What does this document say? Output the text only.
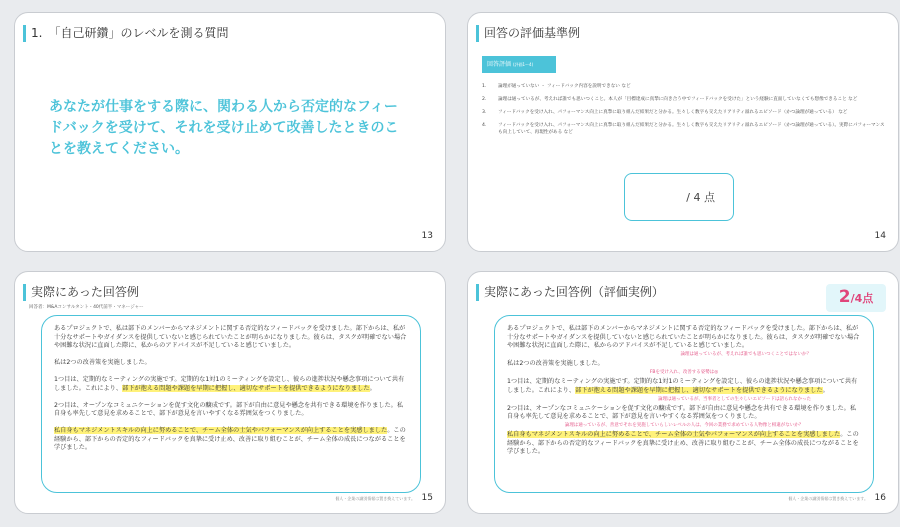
1.　「自己研鑽」のレベルを測る質問
あなたが仕事をする際に、関わる人から否定的なフィードバックを受けて、それを受け止めて改善したときのことを教えてください。
13
回答の評価基準例
回答評価 (評価1〜4)
1.	論理が通っていない ・ フィードバック内容を説明できない など
2.	論理は通っているが、考えれば誰でも思いつくこと。本人が「目標達成に真摯に向き合う中でフィードバックを受けた」という経験に直面していなくても想像できること など
3.	フィードバックを受け入れ、パフォーマンス向上に真摯に取り組んだ結果だと分かる。生々しく数字も交えたリアリティ溢れるエピソード（かつ論理が通っている） など
4.	フィードバックを受け入れ、パフォーマンス向上に真摯に取り組んだ結果だと分かる。生々しく数字も交えたリアリティ溢れるエピソード（かつ論理が通っている）。実際にパフォーマンスも向上していて、再現性がある など
/ 4 点
14
実際にあった回答例
回答者：M&Aコンサルタント・40代前半・マネージャー

あるプロジェクトで、私は部下のメンバーからマネジメントに関する否定的なフィードバックを受けました。部下からは、私が十分なサポートやガイダンスを提供していないと感じられていたことが明らかになりました。彼らは、タスクが明確でない場合や困難な状況に直面した際に、私からのアドバイスが不足していると感じていました。

私は2つの改善策を実施しました。

1つ目は、定期的なミーティングの実施です。定期的な1対1のミーティングを設定し、彼らの進捗状況や懸念事項について共有しました。これにより、部下が抱える問題や課題を早期に把握し、適切なサポートを提供できるようになりました。

2つ目は、オープンなコミュニケーションを促す文化の醸成です。部下が自由に意見や懸念を共有できる環境を作りました。私自身も率先して意見を求めることで、部下が意見を言いやすくなる雰囲気をつくりました。

私自身もマネジメントスキルの向上に努めることで、チーム全体の士気やパフォーマンスが向上することを実感しました。この経験から、部下からの否定的なフィードバックを真摯に受け止め、改善に取り組むことが、チーム全体の成長につながることを学びました。

個人・企業の識別情報は置き換えています。 15
実際にあった回答例（評価実例）	2 /4点

あるプロジェクトで、私は部下のメンバーからマネジメントに関する否定的なフィードバックを受けました。部下からは、私が十分なサポートやガイダンスを提供していないと感じられていたことが明らかになりました。彼らは、タスクが明確でない場合や困難な状況に直面した際に、私からのアドバイスが不足していると感じていました。

論理は通っているが、考えれば誰でも思いつくことではないか？

私は2つの改善策を実施しました。

FBを受け入れ、改善する姿勢は◎

1つ目は、定期的なミーティングの実施です。定期的な1対1のミーティングを設定し、彼らの進捗状況や懸念事項について共有しました。これにより、部下が抱える問題や課題を早期に把握し、適切なサポートを提供できるようになりました。

論理は通っているが、当事者としての生々しいエピソードは語られなかった

2つ目は、オープンなコミュニケーションを促す文化の醸成です。部下が自由に意見や懸念を共有できる環境を作りました。私自身も率先して意見を求めることで、部下が意見を言いやすくなる雰囲気をつくりました。

論理は通っているが、善意でそれを実施していらしいレベルの人は、今回の業務で求めている人物像と相違がないか？

私自身もマネジメントスキルの向上に努めることで、チーム全体の士気やパフォーマンスが向上することを実感しました。この経験から、部下からの否定的なフィードバックを真摯に受け止め、改善に取り組むことが、チーム全体の成長につながることを学びました。

個人・企業の識別情報は置き換えています。 16
